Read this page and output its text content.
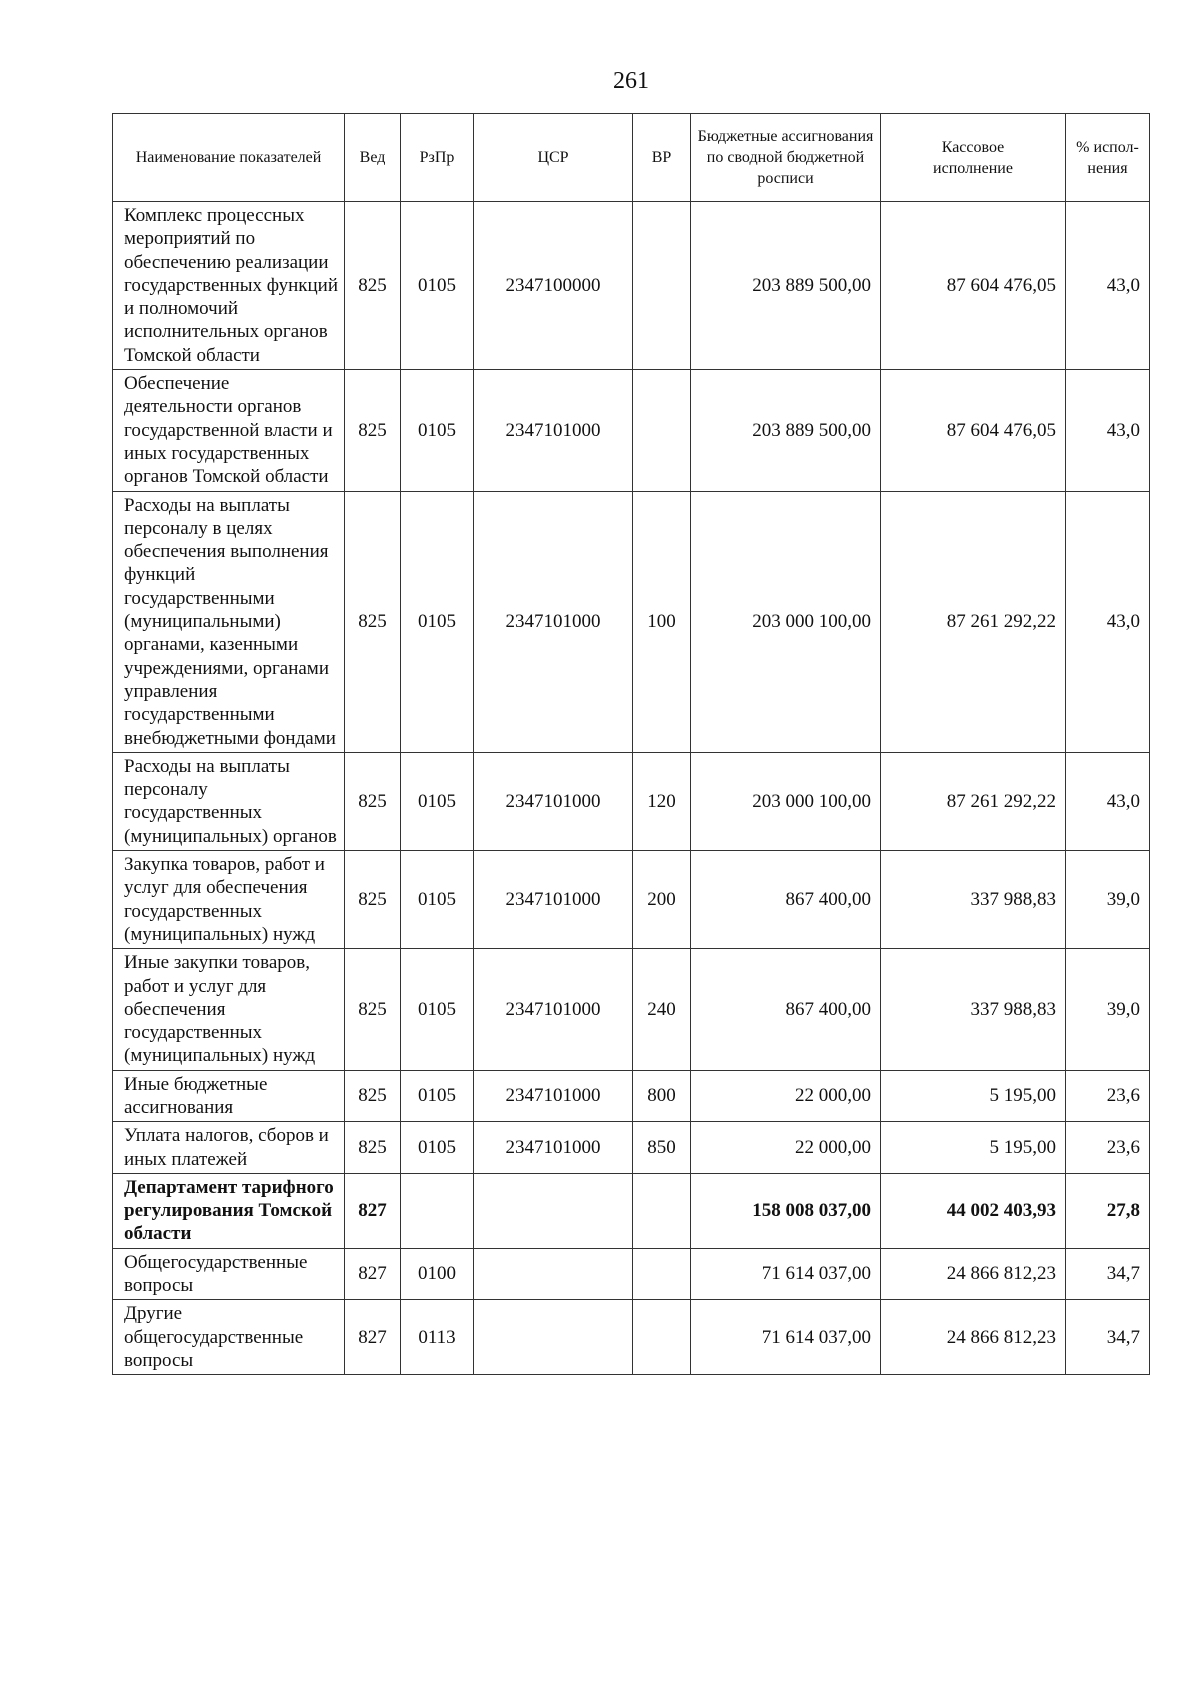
261
Наименование показателей	Вед	РзПр	ЦСР	ВР	Бюджетные ассигнования по сводной бюджетной росписи	Кассовое исполнение	% испол-нения
Комплекс процессных мероприятий по обеспечению реализации государственных функций и полномочий исполнительных органов Томской области	825	0105	2347100000		203 889 500,00	87 604 476,05	43,0
Обеспечение деятельности органов государственной власти и иных государственных органов Томской области	825	0105	2347101000		203 889 500,00	87 604 476,05	43,0
Расходы на выплаты персоналу в целях обеспечения выполнения функций государственными (муниципальными) органами, казенными учреждениями, органами управления государственными внебюджетными фондами	825	0105	2347101000	100	203 000 100,00	87 261 292,22	43,0
Расходы на выплаты персоналу государственных (муниципальных) органов	825	0105	2347101000	120	203 000 100,00	87 261 292,22	43,0
Закупка товаров, работ и услуг для обеспечения государственных (муниципальных) нужд	825	0105	2347101000	200	867 400,00	337 988,83	39,0
Иные закупки товаров, работ и услуг для обеспечения государственных (муниципальных) нужд	825	0105	2347101000	240	867 400,00	337 988,83	39,0
Иные бюджетные ассигнования	825	0105	2347101000	800	22 000,00	5 195,00	23,6
Уплата налогов, сборов и иных платежей	825	0105	2347101000	850	22 000,00	5 195,00	23,6
Департамент тарифного регулирования Томской области	827				158 008 037,00	44 002 403,93	27,8
Общегосударственные вопросы	827	0100			71 614 037,00	24 866 812,23	34,7
Другие общегосударственные вопросы	827	0113			71 614 037,00	24 866 812,23	34,7
